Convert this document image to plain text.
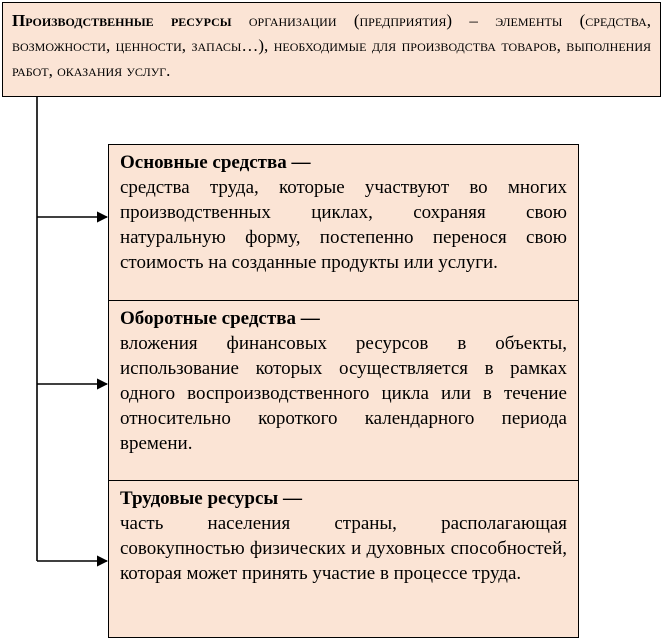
Производственные ресурсы организации (предприятия) – элементы (средства, возможности, ценности, запасы…), необходимые для производства товаров, выполнения работ, оказания услуг.
Основные средства —
средства труда, которые участвуют во многих производственных циклах, сохраняя свою натуральную форму, постепенно перенося свою стоимость на созданные продукты или услуги.
Оборотные средства —
вложения финансовых ресурсов в объекты, использование которых осуществляется в рамках одного воспроизводственного цикла или в течение относительно короткого календарного периода времени.
Трудовые ресурсы —
часть населения страны, располагающая совокупностью физических и духовных способностей, которая может принять участие в процессе труда.
